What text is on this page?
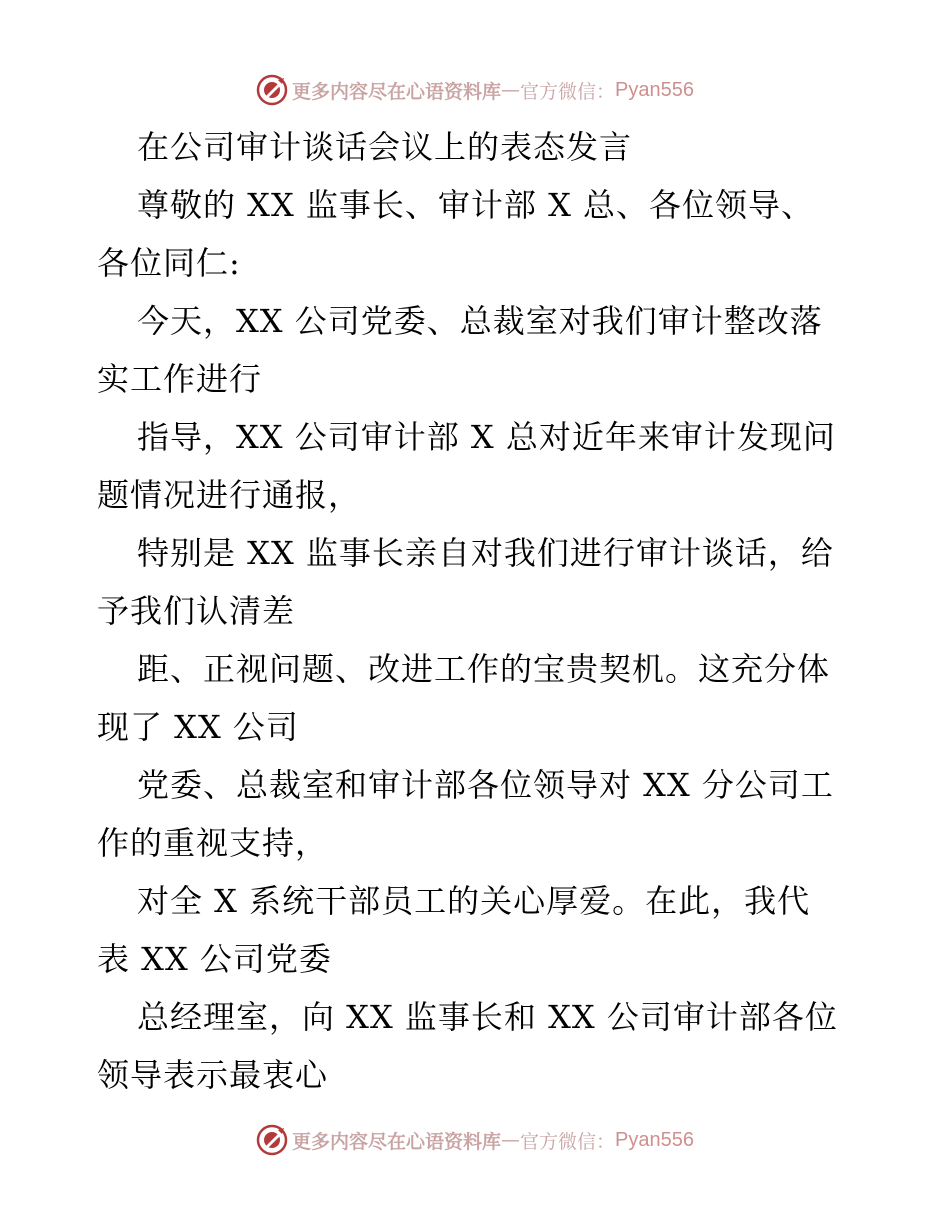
更多内容尽在心语资料库 — 官方微信： Pyan556
在公司审计谈话会议上的表态发言
尊敬的 XX 监事长、审计部 X 总、各位领导、
各位同仁:
今天，XX 公司党委、总裁室对我们审计整改落
实工作进行
指导，XX 公司审计部 X 总对近年来审计发现问
题情况进行通报，
特别是 XX 监事长亲自对我们进行审计谈话，给
予我们认清差
距、正视问题、改进工作的宝贵契机。这充分体
现了 XX 公司
党委、总裁室和审计部各位领导对 XX 分公司工
作的重视支持，
对全 X 系统干部员工的关心厚爱。在此，我代
表 XX 公司党委
总经理室，向 XX 监事长和 XX 公司审计部各位
领导表示最衷心
更多内容尽在心语资料库 — 官方微信： Pyan556
